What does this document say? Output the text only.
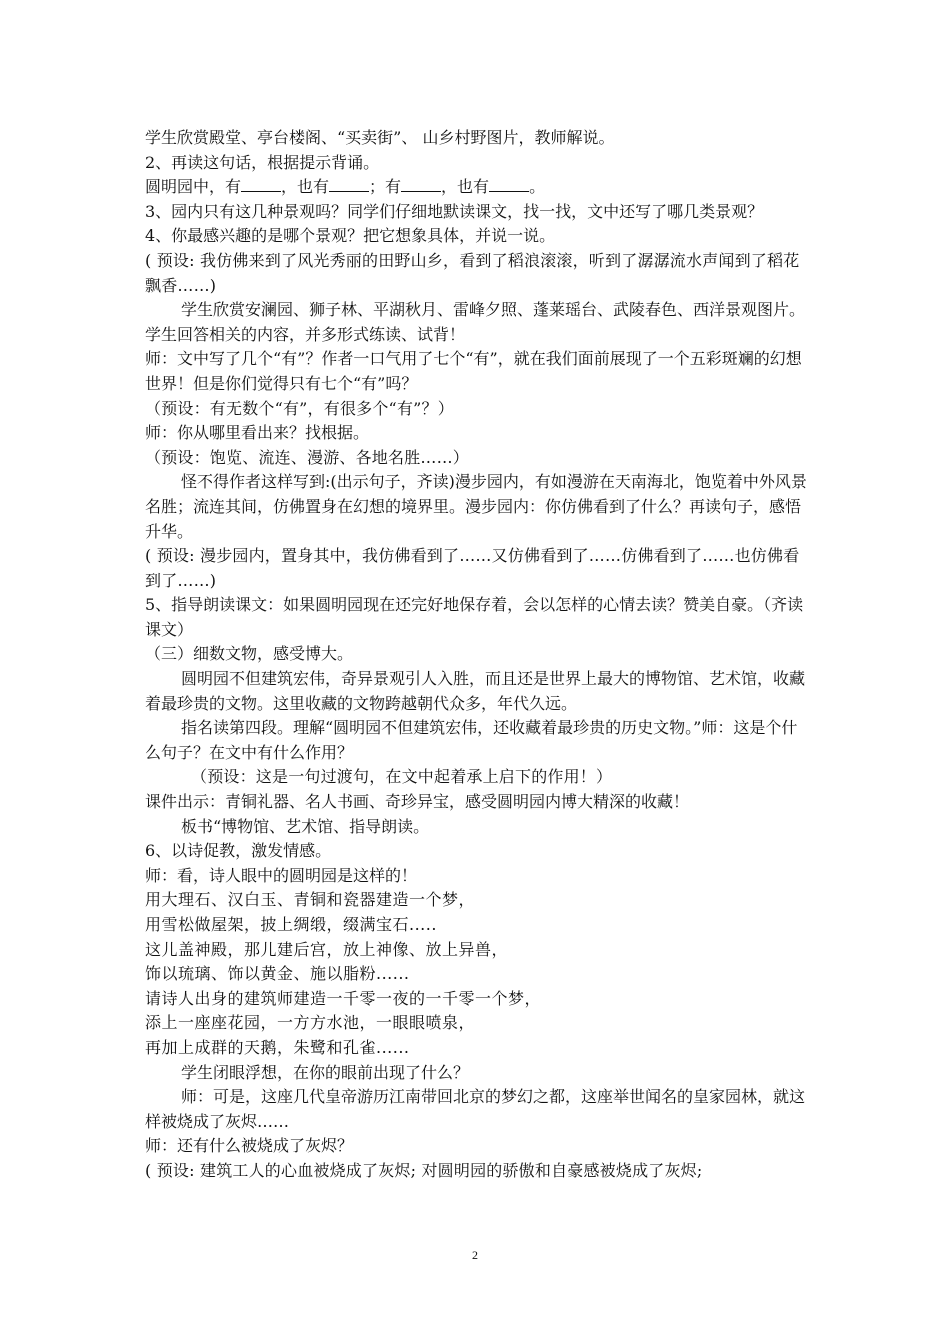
学生欣赏殿堂、亭台楼阁、“买卖街”、 山乡村野图片，教师解说。

2、再读这句话，根据提示背诵。

圆明园中，有	，也有	；有	，也有	。

3、园内只有这几种景观吗？同学们仔细地默读课文，找一找，文中还写了哪几类景观？

4、你最感兴趣的是哪个景观？把它想象具体，并说一说。

( 预设: 我仿佛来到了风光秀丽的田野山乡，看到了稻浪滚滚，听到了潺潺流水声闻到了稻花飘香……)

学生欣赏安澜园、狮子林、平湖秋月、雷峰夕照、蓬莱瑶台、武陵春色、西洋景观图片。学生回答相关的内容，并多形式练读、试背！

师：文中写了几个“有”？作者一口气用了七个“有”，就在我们面前展现了一个五彩斑斓的幻想世界！但是你们觉得只有七个“有”吗？

（预设：有无数个“有”，有很多个“有”？）

师：你从哪里看出来？找根据。

（预设：饱览、流连、漫游、各地名胜……）

怪不得作者这样写到:(出示句子，齐读)漫步园内，有如漫游在天南海北，饱览着中外风景名胜；流连其间，仿佛置身在幻想的境界里。漫步园内：你仿佛看到了什么？再读句子，感悟升华。

( 预设: 漫步园内，置身其中，我仿佛看到了……又仿佛看到了……仿佛看到了……也仿佛看到了……)

5、指导朗读课文：如果圆明园现在还完好地保存着，会以怎样的心情去读？赞美自豪。（齐读课文）

（三）细数文物，感受博大。

圆明园不但建筑宏伟，奇异景观引人入胜，而且还是世界上最大的博物馆、艺术馆，收藏着最珍贵的文物。这里收藏的文物跨越朝代众多，年代久远。

指名读第四段。理解“圆明园不但建筑宏伟，还收藏着最珍贵的历史文物。”师：这是个什么句子？在文中有什么作用？

（预设：这是一句过渡句，在文中起着承上启下的作用！）

课件出示：青铜礼器、名人书画、奇珍异宝，感受圆明园内博大精深的收藏！

板书“博物馆、艺术馆、指导朗读。

6、以诗促教，激发情感。

师：看，诗人眼中的圆明园是这样的！

用大理石、汉白玉、青铜和瓷器建造一个梦，

用雪松做屋架，披上绸缎，缀满宝石.....

这儿盖神殿，那儿建后宫，放上神像、放上异兽，

饰以琉璃、饰以黄金、施以脂粉......

请诗人出身的建筑师建造一千零一夜的一千零一个梦，

添上一座座花园，一方方水池，一眼眼喷泉，

再加上成群的天鹅，朱鹭和孔雀......

学生闭眼浮想，在你的眼前出现了什么？

师：可是，这座几代皇帝游历江南带回北京的梦幻之都，这座举世闻名的皇家园林，就这样被烧成了灰烬……

师：还有什么被烧成了灰烬？

( 预设: 建筑工人的心血被烧成了灰烬; 对圆明园的骄傲和自豪感被烧成了灰烬;

2
